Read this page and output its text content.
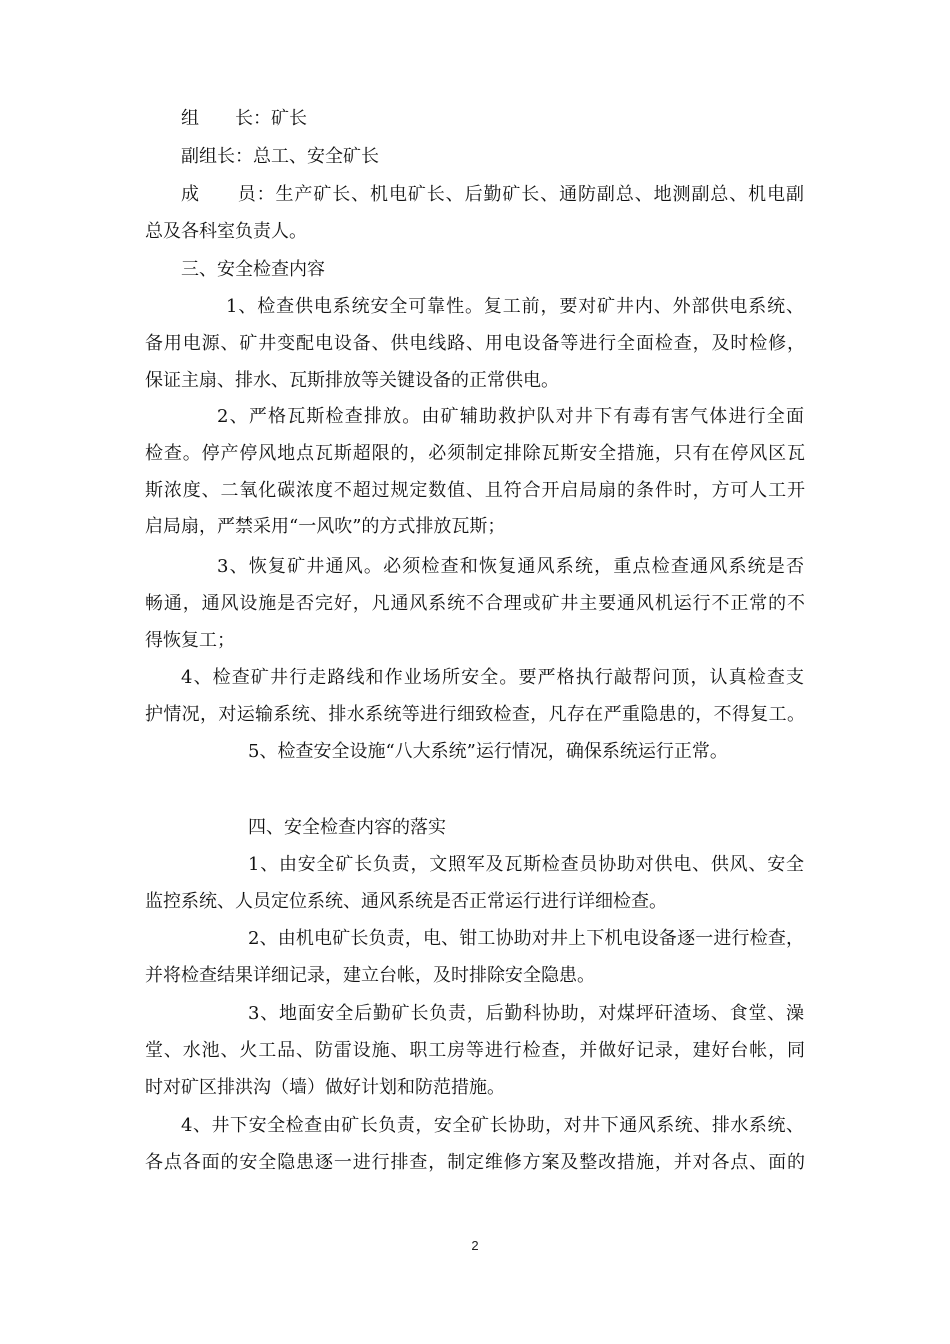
组　　长：矿长
副组长：总工、安全矿长
成　　员：生产矿长、机电矿长、后勤矿长、通防副总、地测副总、机电副
总及各科室负责人。
三、安全检查内容
1、检查供电系统安全可靠性。复工前，要对矿井内、外部供电系统、
备用电源、矿井变配电设备、供电线路、用电设备等进行全面检查，及时检修，
保证主扇、排水、瓦斯排放等关键设备的正常供电。
2、严格瓦斯检查排放。由矿辅助救护队对井下有毒有害气体进行全面
检查。停产停风地点瓦斯超限的，必须制定排除瓦斯安全措施，只有在停风区瓦
斯浓度、二氧化碳浓度不超过规定数值、且符合开启局扇的条件时，方可人工开
启局扇，严禁采用“一风吹”的方式排放瓦斯；
3、恢复矿井通风。必须检查和恢复通风系统，重点检查通风系统是否
畅通，通风设施是否完好，凡通风系统不合理或矿井主要通风机运行不正常的不
得恢复工；
4、检查矿井行走路线和作业场所安全。要严格执行敲帮问顶，认真检查支
护情况，对运输系统、排水系统等进行细致检查，凡存在严重隐患的，不得复工。
5、检查安全设施“八大系统”运行情况，确保系统运行正常。
四、安全检查内容的落实
1、由安全矿长负责，文照军及瓦斯检查员协助对供电、供风、安全
监控系统、人员定位系统、通风系统是否正常运行进行详细检查。
2、由机电矿长负责，电、钳工协助对井上下机电设备逐一进行检查，
并将检查结果详细记录，建立台帐，及时排除安全隐患。
3、地面安全后勤矿长负责，后勤科协助，对煤坪矸渣场、食堂、澡
堂、水池、火工品、防雷设施、职工房等进行检查，并做好记录，建好台帐，同
时对矿区排洪沟（墙）做好计划和防范措施。
4、井下安全检查由矿长负责，安全矿长协助，对井下通风系统、排水系统、
各点各面的安全隐患逐一进行排查，制定维修方案及整改措施，并对各点、面的
2
